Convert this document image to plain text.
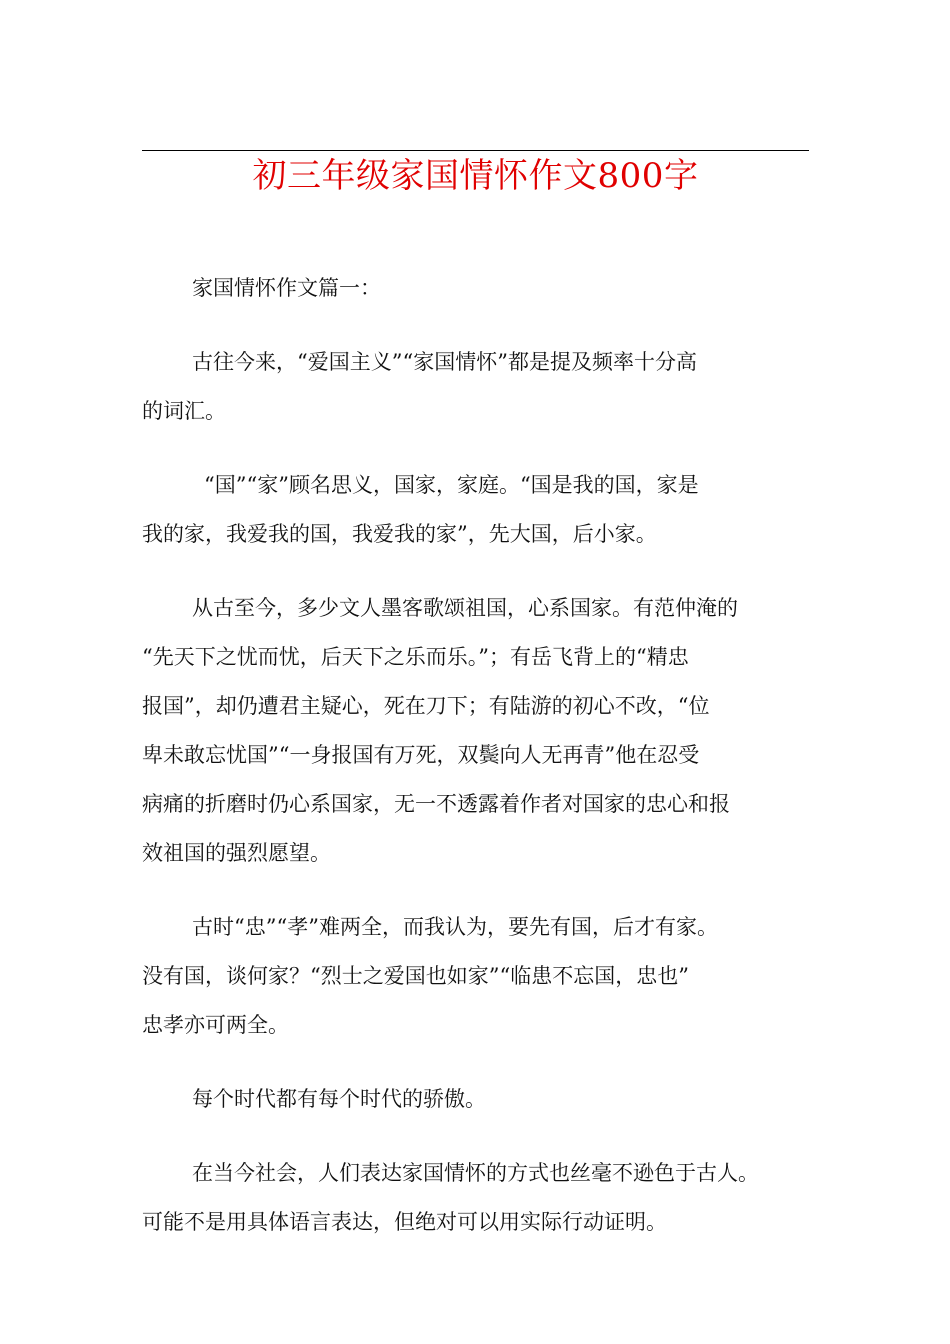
初三年级家国情怀作文800字

家国情怀作文篇一：

古往今来，“爱国主义”“家国情怀”都是提及频率十分高
的词汇。

“国”“家”顾名思义，国家，家庭。“国是我的国，家是
我的家，我爱我的国，我爱我的家”，先大国，后小家。

从古至今，多少文人墨客歌颂祖国，心系国家。有范仲淹的
“先天下之忧而忧，后天下之乐而乐。”；有岳飞背上的“精忠
报国”，却仍遭君主疑心，死在刀下；有陆游的初心不改，“位
卑未敢忘忧国”“一身报国有万死，双鬓向人无再青”他在忍受
病痛的折磨时仍心系国家，无一不透露着作者对国家的忠心和报
效祖国的强烈愿望。

古时“忠”“孝”难两全，而我认为，要先有国，后才有家。
没有国，谈何家？“烈士之爱国也如家”“临患不忘国，忠也”
忠孝亦可两全。

每个时代都有每个时代的骄傲。

在当今社会，人们表达家国情怀的方式也丝毫不逊色于古人。
可能不是用具体语言表达，但绝对可以用实际行动证明。
